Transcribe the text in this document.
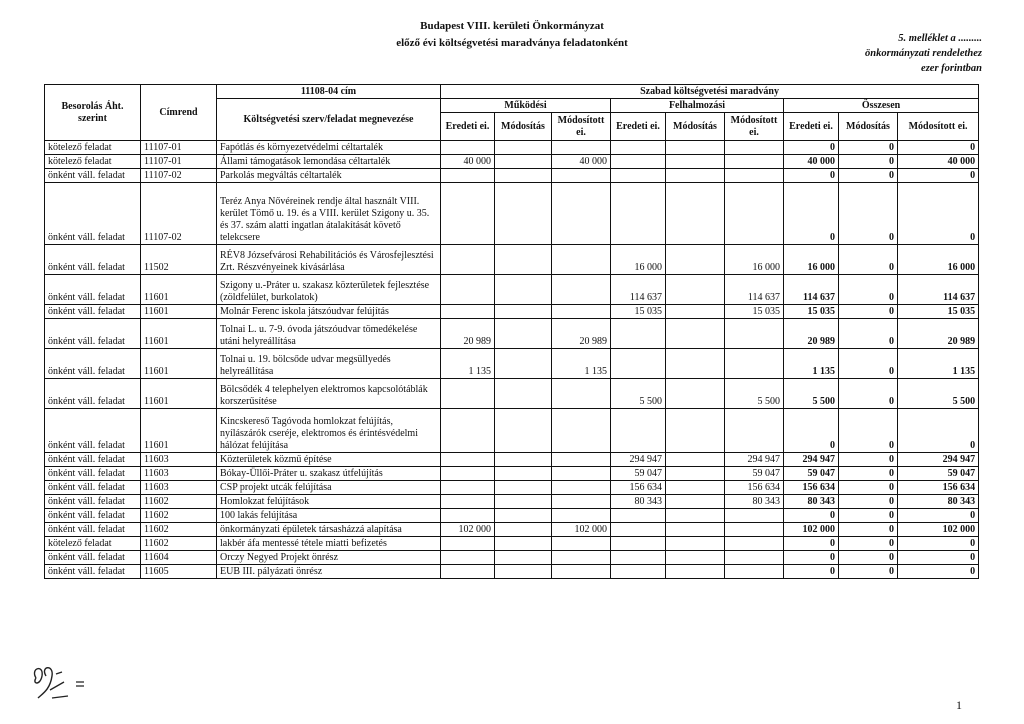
Budapest VIII. kerületi Önkormányzat
előző évi költségvetési maradványa feladatonként	5. melléklet a .........
önkormányzati rendelethez
ezer forintban
Besorolás Áht. szerint	Címrend	11108-04 cím	Szabad költségvetési maradvány								
		Költségvetési szerv/feladat megnevezése	Működési			Felhalmozási			Összesen		
			Eredeti ei.	Módosítás	Módosított ei.	Eredeti ei.	Módosítás	Módosított ei.	Eredeti ei.	Módosítás	Módosított ei.
kötelező feladat	11107-01	Fapótlás és környezetvédelmi céltartalék							0	0	0
kötelező feladat	11107-01	Állami támogatások lemondása céltartalék	40 000		40 000				40 000	0	40 000
önként váll. feladat	11107-02	Parkolás megváltás céltartalék							0	0	0
önként váll. feladat	11107-02	Teréz Anya Nővéreinek rendje által használt VIII. kerület Tömő u. 19. és a VIII. kerület Szigony u. 35. és 37. szám alatti ingatlan átalakítását követő telekcsere							0	0	0
önként váll. feladat	11502	RÉV8 Józsefvárosi Rehabilitációs és Városfejlesztési Zrt. Részvényeinek kivásárlása				16 000		16 000	16 000	0	16 000
önként váll. feladat	11601	Szigony u.-Práter u. szakasz közterületek fejlesztése (zöldfelület, burkolatok)				114 637		114 637	114 637	0	114 637
önként váll. feladat	11601	Molnár Ferenc iskola játszóudvar felújítás				15 035		15 035	15 035	0	15 035
önként váll. feladat	11601	Tolnai L. u. 7-9. óvoda játszóudvar tömedékelése utáni helyreállítása	20 989		20 989				20 989	0	20 989
önként váll. feladat	11601	Tolnai u. 19. bölcsőde udvar megsüllyedés helyreállítása	1 135		1 135				1 135	0	1 135
önként váll. feladat	11601	Bölcsődék 4 telephelyen elektromos kapcsolótáblák korszerűsítése				5 500		5 500	5 500	0	5 500
önként váll. feladat	11601	Kincskereső Tagóvoda homlokzat felújítás, nyílászárók cseréje, elektromos és érintésvédelmi hálózat felújítása							0	0	0
önként váll. feladat	11603	Közterületek közmű építése				294 947		294 947	294 947	0	294 947
önként váll. feladat	11603	Bókay-Üllői-Práter u. szakasz útfelújítás				59 047		59 047	59 047	0	59 047
önként váll. feladat	11603	CSP projekt utcák felújítása				156 634		156 634	156 634	0	156 634
önként váll. feladat	11602	Homlokzat felújítások				80 343		80 343	80 343	0	80 343
önként váll. feladat	11602	100 lakás felújítása							0	0	0
önként váll. feladat	11602	önkormányzati épületek társasházzá alapítása	102 000		102 000				102 000	0	102 000
kötelező feladat	11602	lakbér áfa mentessé tétele miatti befizetés							0	0	0
önként váll. feladat	11604	Orczy Negyed Projekt önrész							0	0	0
önként váll. feladat	11605	EUB III. pályázati önrész							0	0	0
1
